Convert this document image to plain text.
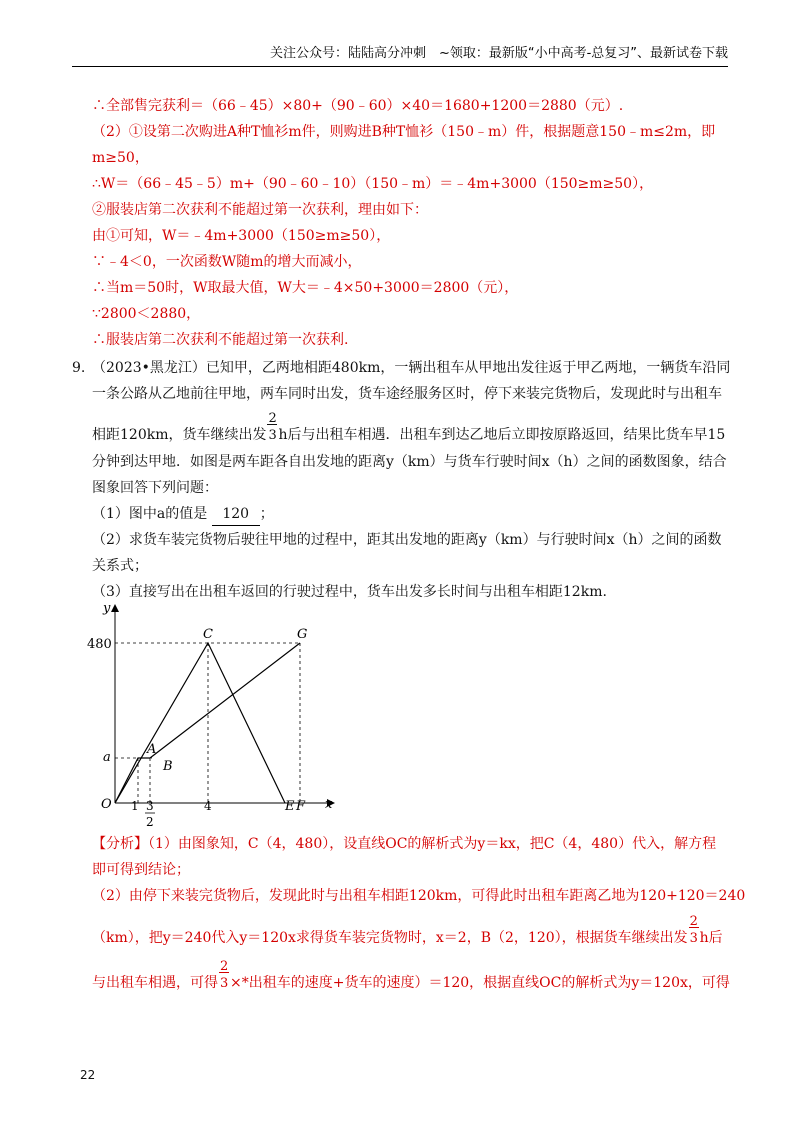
关注公众号：陆陆高分冲刺　~领取：最新版“小中高考-总复习”、最新试卷下载
∴全部售完获利＝（66﹣45）×80+（90﹣60）×40＝1680+1200＝2880（元）.
（2）①设第二次购进A种T恤衫m件，则购进B种T恤衫（150﹣m）件，根据题意150﹣m≤2m，即
m≥50，
∴W＝（66﹣45﹣5）m+（90﹣60﹣10）（150﹣m）＝﹣4m+3000（150≥m≥50），
②服装店第二次获利不能超过第一次获利，理由如下：
由①可知，W＝﹣4m+3000（150≥m≥50），
∵﹣4＜0，一次函数W随m的增大而减小，
∴当m＝50时，W取最大值，W大＝﹣4×50+3000＝2800（元），
∵2800＜2880，
∴服装店第二次获利不能超过第一次获利.
9. （2023•黑龙江）已知甲，乙两地相距480km，一辆出租车从甲地出发往返于甲乙两地，一辆货车沿同
一条公路从乙地前往甲地，两车同时出发，货车途经服务区时，停下来装完货物后，发现此时与出租车
相距120km，货车继续出发 $\frac{2}{3}$ h后与出租车相遇．出租车到达乙地后立即按原路返回，结果比货车早15
分钟到达甲地．如图是两车距各自出发地的距离y（km）与货车行驶时间x（h）之间的函数图象，结合
图象回答下列问题：
（1）图中a的值是 120 ；
（2）求货车装完货物后驶往甲地的过程中，距其出发地的距离y（km）与行驶时间x（h）之间的函数
关系式；
（3）直接写出在出租车返回的行驶过程中，货车出发多长时间与出租车相距12km.
y
x
O
480
a
1 3
2
4
C	G
A
B
E F
【分析】（1）由图象知，C（4，480），设直线OC的解析式为y＝kx，把C（4，480）代入，解方程
即可得到结论；
（2）由停下来装完货物后，发现此时与出租车相距120km，可得此时出租车距离乙地为120+120＝240
（km），把y＝240代入y＝120x求得货车装完货物时，x＝2，B（2，120），根据货车继续出发 $\frac{2}{3}$ h后
与出租车相遇，可得 $\frac{2}{3}$ ×*出租车的速度+货车的速度）＝120，根据直线OC的解析式为y＝120x，可得
22
